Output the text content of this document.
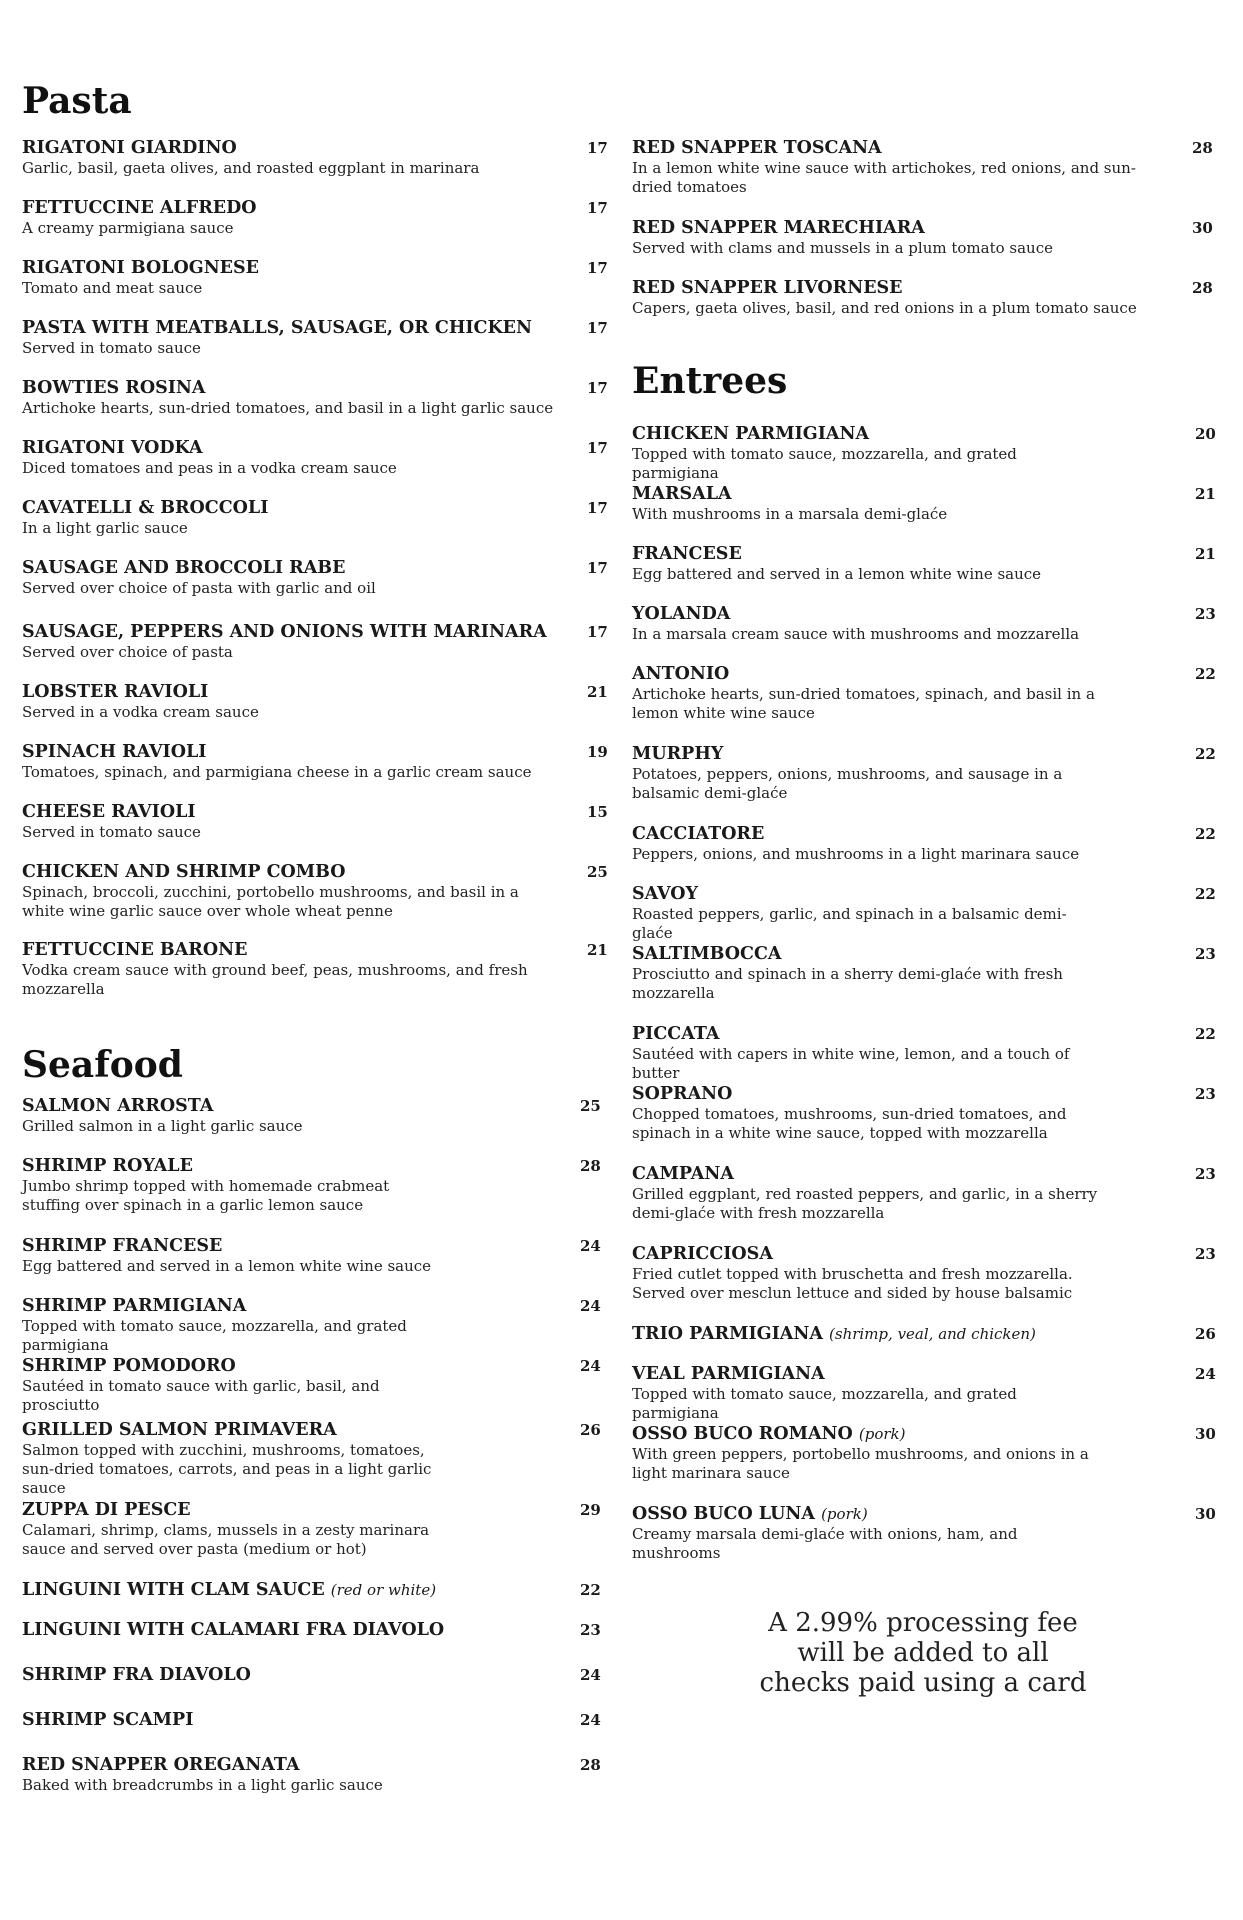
Pasta
RIGATONI GIARDINO
Garlic, basil, gaeta olives, and roasted eggplant in marinara
17
FETTUCCINE ALFREDO
A creamy parmigiana sauce
17
RIGATONI BOLOGNESE
Tomato and meat sauce
17
PASTA WITH MEATBALLS, SAUSAGE, OR CHICKEN
Served in tomato sauce
17
BOWTIES ROSINA
Artichoke hearts, sun-dried tomatoes, and basil in a light garlic sauce
17
RIGATONI VODKA
Diced tomatoes and peas in a vodka cream sauce
17
CAVATELLI & BROCCOLI
In a light garlic sauce
17
SAUSAGE AND BROCCOLI RABE
Served over choice of pasta with garlic and oil
17
SAUSAGE, PEPPERS AND ONIONS WITH MARINARA
Served over choice of pasta
17
LOBSTER RAVIOLI
Served in a vodka cream sauce
21
SPINACH RAVIOLI
Tomatoes, spinach, and parmigiana cheese in a garlic cream sauce
19
CHEESE RAVIOLI
Served in tomato sauce
15
CHICKEN AND SHRIMP COMBO
Spinach, broccoli, zucchini, portobello mushrooms, and basil in a white wine garlic sauce over whole wheat penne
25
FETTUCCINE BARONE
Vodka cream sauce with ground beef, peas, mushrooms, and fresh mozzarella
21
Seafood
SALMON ARROSTA
Grilled salmon in a light garlic sauce
25
SHRIMP ROYALE
Jumbo shrimp topped with homemade crabmeat stuffing over spinach in a garlic lemon sauce
28
SHRIMP FRANCESE
Egg battered and served in a lemon white wine sauce
24
SHRIMP PARMIGIANA
Topped with tomato sauce, mozzarella, and grated parmigiana
24
SHRIMP POMODORO
Sautéed in tomato sauce with garlic, basil, and prosciutto
24
GRILLED SALMON PRIMAVERA
Salmon topped with zucchini, mushrooms, tomatoes, sun-dried tomatoes, carrots, and peas in a light garlic sauce
26
ZUPPA DI PESCE
Calamari, shrimp, clams, mussels in a zesty marinara sauce and served over pasta (medium or hot)
29
LINGUINI WITH CLAM SAUCE (red or white)	22
LINGUINI WITH CALAMARI FRA DIAVOLO	23
SHRIMP FRA DIAVOLO	24
SHRIMP SCAMPI	24
RED SNAPPER OREGANATA
Baked with breadcrumbs in a light garlic sauce
28
RED SNAPPER TOSCANA
In a lemon white wine sauce with artichokes, red onions, and sun-dried tomatoes
28
RED SNAPPER MARECHIARA
Served with clams and mussels in a plum tomato sauce
30
RED SNAPPER LIVORNESE
Capers, gaeta olives, basil, and red onions in a plum tomato sauce
28
Entrees
CHICKEN PARMIGIANA
Topped with tomato sauce, mozzarella, and grated parmigiana
20
MARSALA
With mushrooms in a marsala demi-glaće
21
FRANCESE
Egg battered and served in a lemon white wine sauce
21
YOLANDA
In a marsala cream sauce with mushrooms and mozzarella
23
ANTONIO
Artichoke hearts, sun-dried tomatoes, spinach, and basil in a lemon white wine sauce
22
MURPHY
Potatoes, peppers, onions, mushrooms, and sausage in a balsamic demi-glaće
22
CACCIATORE
Peppers, onions, and mushrooms in a light marinara sauce
22
SAVOY
Roasted peppers, garlic, and spinach in a balsamic demi-glaće
22
SALTIMBOCCA
Prosciutto and spinach in a sherry demi-glaće with fresh mozzarella
23
PICCATA
Sautéed with capers in white wine, lemon, and a touch of butter
22
SOPRANO
Chopped tomatoes, mushrooms, sun-dried tomatoes, and spinach in a white wine sauce, topped with mozzarella
23
CAMPANA
Grilled eggplant, red roasted peppers, and garlic, in a sherry demi-glaće with fresh mozzarella
23
CAPRICCIOSA
Fried cutlet topped with bruschetta and fresh mozzarella. Served over mesclun lettuce and sided by house balsamic
23
TRIO PARMIGIANA (shrimp, veal, and chicken)	26
VEAL PARMIGIANA
Topped with tomato sauce, mozzarella, and grated parmigiana
24
OSSO BUCO ROMANO (pork)
With green peppers, portobello mushrooms, and onions in a light marinara sauce
30
OSSO BUCO LUNA (pork)
Creamy marsala demi-glaće with onions, ham, and mushrooms
30
A 2.99% processing fee will be added to all checks paid using a card
